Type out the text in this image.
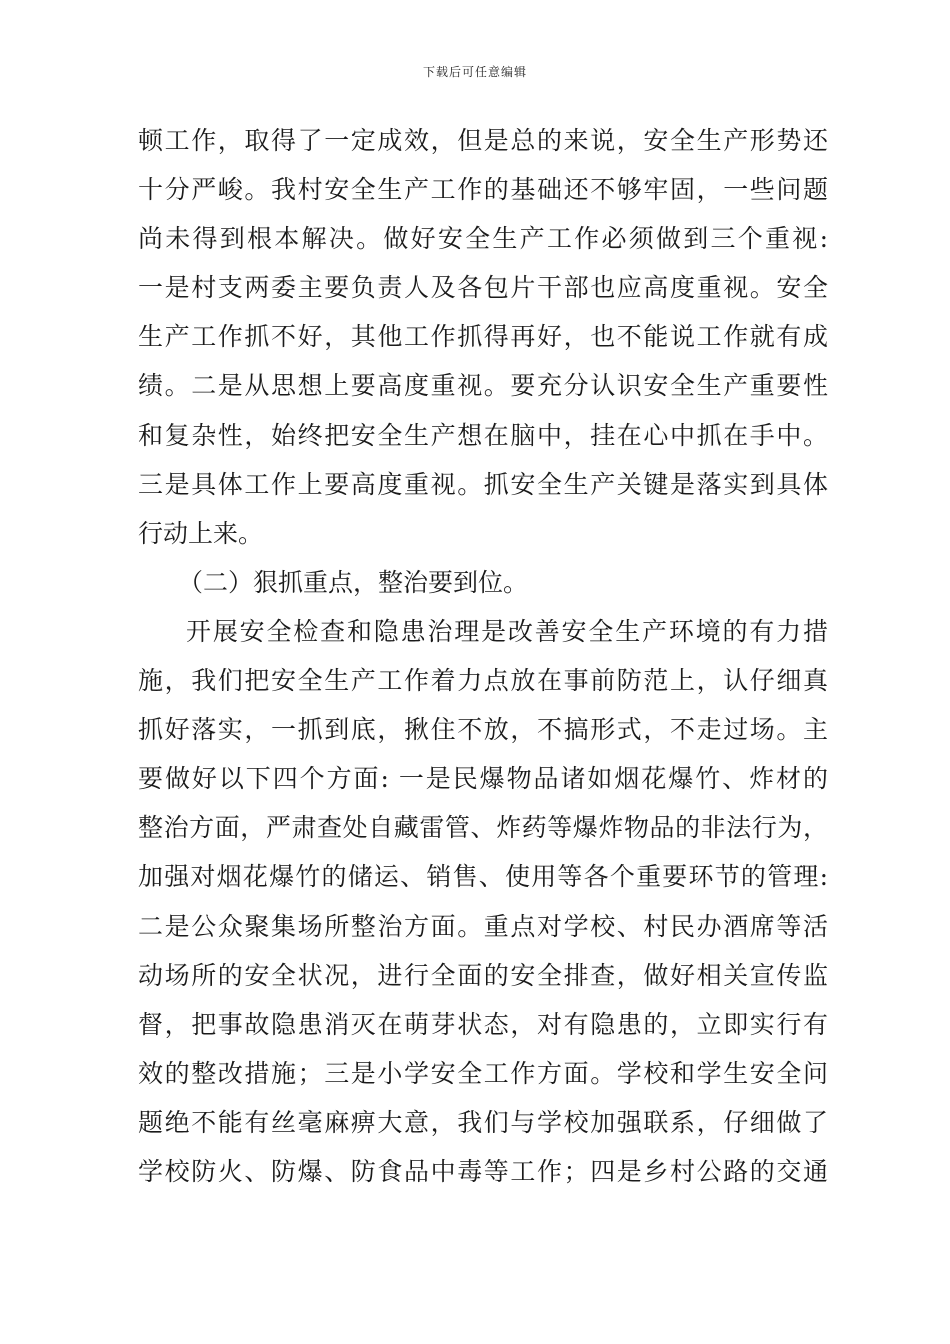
下载后可任意编辑
顿工作，取得了一定成效，但是总的来说，安全生产形势还
十分严峻。我村安全生产工作的基础还不够牢固，一些问题
尚未得到根本解决。做好安全生产工作必须做到三个重视:
一是村支两委主要负责人及各包片干部也应高度重视。安全
生产工作抓不好，其他工作抓得再好，也不能说工作就有成
绩。二是从思想上要高度重视。要充分认识安全生产重要性
和复杂性，始终把安全生产想在脑中，挂在心中抓在手中。
三是具体工作上要高度重视。抓安全生产关键是落实到具体
行动上来。
（二）狠抓重点，整治要到位。
开展安全检查和隐患治理是改善安全生产环境的有力措
施，我们把安全生产工作着力点放在事前防范上，认仔细真
抓好落实，一抓到底，揪住不放，不搞形式，不走过场。主
要做好以下四个方面: 一是民爆物品诸如烟花爆竹、炸材的
整治方面，严肃查处自藏雷管、炸药等爆炸物品的非法行为，
加强对烟花爆竹的储运、销售、使用等各个重要环节的管理:
二是公众聚集场所整治方面。重点对学校、村民办酒席等活
动场所的安全状况，进行全面的安全排查，做好相关宣传监
督，把事故隐患消灭在萌芽状态，对有隐患的，立即实行有
效的整改措施；三是小学安全工作方面。学校和学生安全问
题绝不能有丝毫麻痹大意，我们与学校加强联系，仔细做了
学校防火、防爆、防食品中毒等工作；四是乡村公路的交通
